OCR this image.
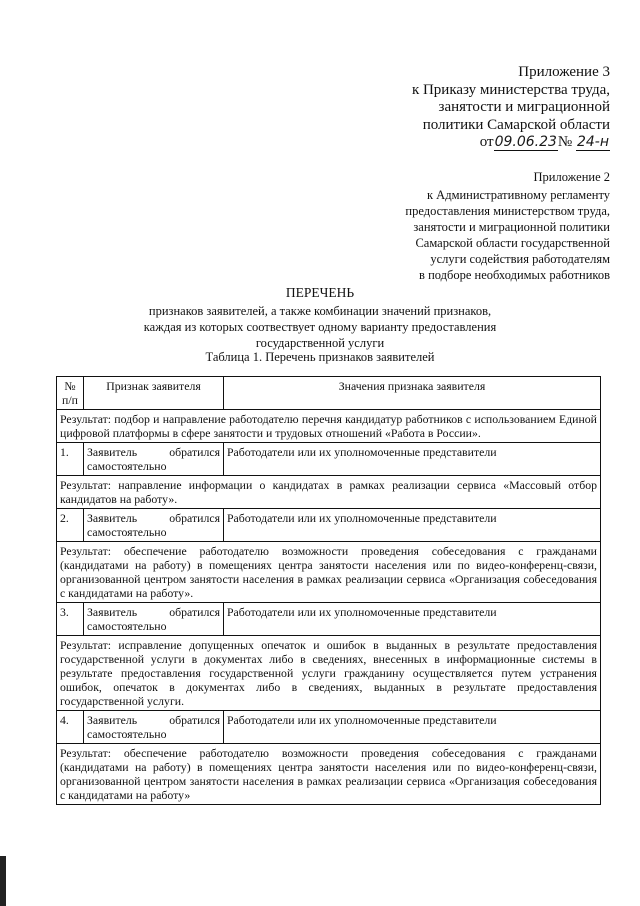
Приложение 3
к Приказу министерства труда,
занятости и миграционной
политики Самарской области
от09.06.23№ 24-н
Приложение 2
к Административному регламенту
предоставления министерством труда,
занятости и миграционной политики
Самарской области государственной
услуги содействия работодателям
в подборе необходимых работников
ПЕРЕЧЕНЬ
признаков заявителей, а также комбинации значений признаков,
каждая из которых соотвествует одному варианту предоставления
государственной услуги
Таблица 1. Перечень признаков заявителей
№ п/п	Признак заявителя	Значения признака заявителя
Результат: подбор и направление работодателю перечня кандидатур работников с использованием Единой цифровой платформы в сфере занятости и трудовых отношений «Работа в России».		
1.	Заявитель обратился самостоятельно	Работодатели или их уполномоченные представители
Результат: направление информации о кандидатах в рамках реализации сервиса «Массовый отбор кандидатов на работу».		
2.	Заявитель обратился самостоятельно	Работодатели или их уполномоченные представители
Результат: обеспечение работодателю возможности проведения собеседования с гражданами (кандидатами на работу) в помещениях центра занятости населения или по видео-конференц-связи, организованной центром занятости населения в рамках реализации сервиса «Организация собеседования с кандидатами на работу».		
3.	Заявитель обратился самостоятельно	Работодатели или их уполномоченные представители
Результат: исправление допущенных опечаток и ошибок в выданных в результате предоставления государственной услуги в документах либо в сведениях, внесенных в информационные системы в результате предоставления государственной услуги гражданину осуществляется путем устранения ошибок, опечаток в документах либо в сведениях, выданных в результате предоставления государственной услуги.		
4.	Заявитель обратился самостоятельно	Работодатели или их уполномоченные представители
Результат: обеспечение работодателю возможности проведения собеседования с гражданами (кандидатами на работу) в помещениях центра занятости населения или по видео-конференц-связи, организованной центром занятости населения в рамках реализации сервиса «Организация собеседования с кандидатами на работу»		
